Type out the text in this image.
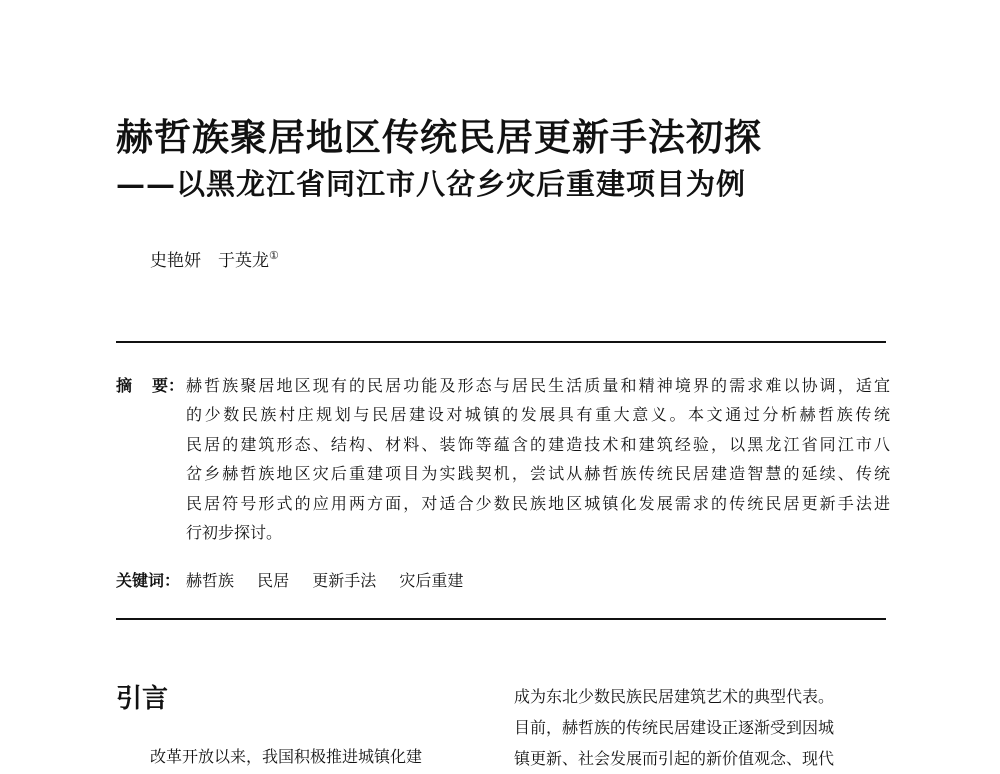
赫哲族聚居地区传统民居更新手法初探
——以黑龙江省同江市八岔乡灾后重建项目为例
史艳妍　于英龙①
摘 要： 赫哲族聚居地区现有的民居功能及形态与居民生活质量和精神境界的需求难以协调，适宜
的少数民族村庄规划与民居建设对城镇的发展具有重大意义。本文通过分析赫哲族传统
民居的建筑形态、结构、材料、装饰等蕴含的建造技术和建筑经验，以黑龙江省同江市八
岔乡赫哲族地区灾后重建项目为实践契机，尝试从赫哲族传统民居建造智慧的延续、传统
民居符号形式的应用两方面，对适合少数民族地区城镇化发展需求的传统民居更新手法进
行初步探讨。
关键词： 赫哲族 民居 更新手法 灾后重建
引言
改革开放以来，我国积极推进城镇化建
成为东北少数民族民居建筑艺术的典型代表。
目前，赫哲族的传统民居建设正逐渐受到因城
镇更新、社会发展而引起的新价值观念、现代
